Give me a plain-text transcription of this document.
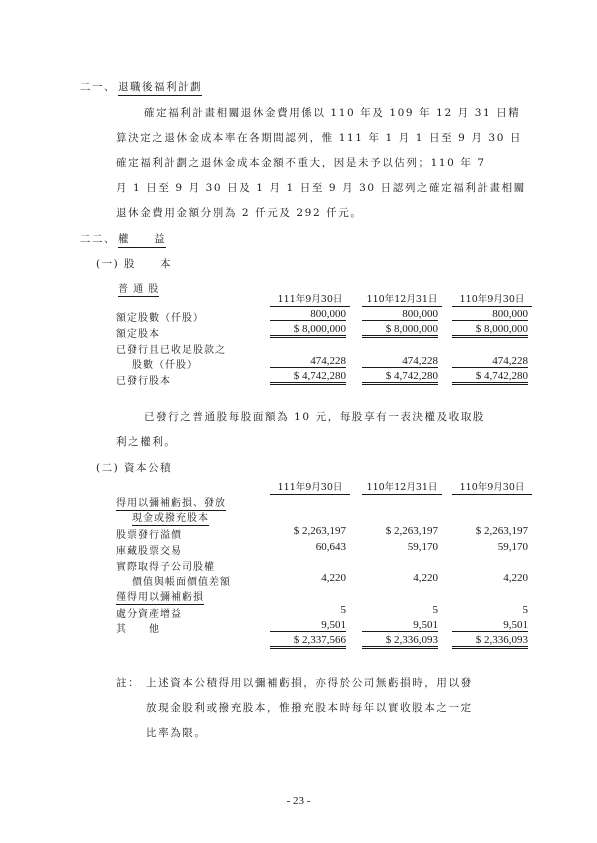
二一、 退職後福利計劃
確定福利計畫相關退休金費用係以 110 年及 109 年 12 月 31 日精
算決定之退休金成本率在各期間認列，惟 111 年 1 月 1 日至 9 月 30 日
確定福利計劃之退休金成本金額不重大，因是未予以估列；110 年 7
月 1 日至 9 月 30 日及 1 月 1 日至 9 月 30 日認列之確定福利計畫相關
退休金費用金額分別為 2 仟元及 292 仟元。
二二、 權　　益
(一) 股　　本
普 通 股
111年9月30日	110年12月31日	110年9月30日
額定股數（仟股）	800,000	800,000	800,000
額定股本	$ 8,000,000	$ 8,000,000	$ 8,000,000
已發行且已收足股款之
股數（仟股）	474,228	474,228	474,228
已發行股本	$ 4,742,280	$ 4,742,280	$ 4,742,280
已發行之普通股每股面額為 10 元，每股享有一表決權及收取股
利之權利。
(二) 資本公積
111年9月30日	110年12月31日	110年9月30日
得用以彌補虧損、發放
現金或撥充股本
股票發行溢價	$ 2,263,197	$ 2,263,197	$ 2,263,197
庫藏股票交易	60,643	59,170	59,170
實際取得子公司股權
價值與帳面價值差額	4,220	4,220	4,220
僅得用以彌補虧損
處分資產增益	5	5	5
其　　他	9,501	9,501	9,501
$ 2,337,566	$ 2,336,093	$ 2,336,093
註： 上述資本公積得用以彌補虧損，亦得於公司無虧損時，用以發
放現金股利或撥充股本，惟撥充股本時每年以實收股本之一定
比率為限。
- 23 -
